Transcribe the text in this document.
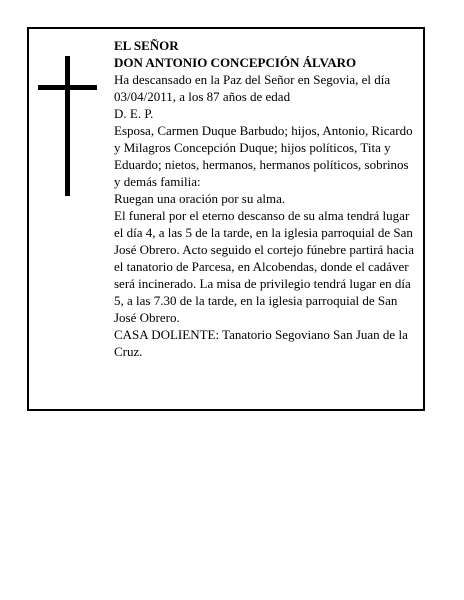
EL SEÑOR

DON ANTONIO CONCEPCIÓN ÁLVARO

Ha descansado en la Paz del Señor en Segovia, el día 03/04/2011, a los 87 años de edad

D. E. P.

Esposa, Carmen Duque Barbudo; hijos, Antonio, Ricardo y Milagros Concepción Duque; hijos políticos, Tita y Eduardo; nietos, hermanos, hermanos políticos, sobrinos y demás familia:

Ruegan una oración por su alma.

El funeral por el eterno descanso de su alma tendrá lugar el día 4, a las 5 de la tarde, en la iglesia parroquial de San José Obrero. Acto seguido el cortejo fúnebre partirá hacia el tanatorio de Parcesa, en Alcobendas, donde el cadáver será incinerado. La misa de privilegio tendrá lugar en día 5, a las 7.30 de la tarde, en la iglesia parroquial de San José Obrero.

CASA DOLIENTE: Tanatorio Segoviano San Juan de la Cruz.
